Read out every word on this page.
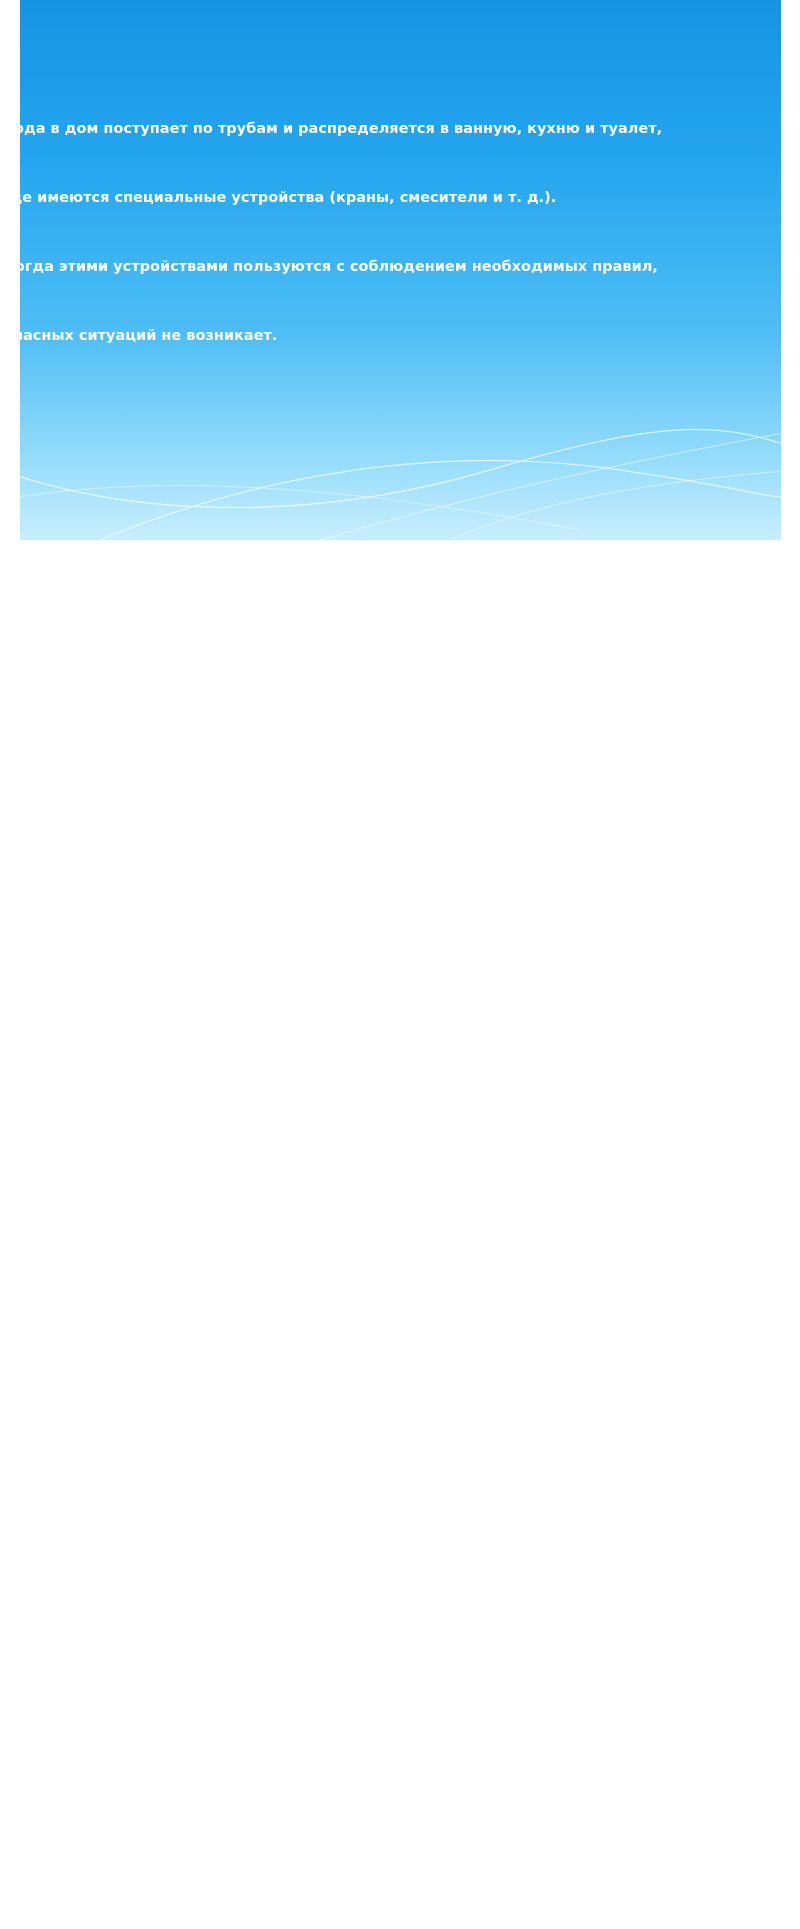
Вода в дом поступает по трубам и распределяется в ванную, кухню и туалет,

где имеются специальные устройства (краны, смесители и т. д.).

Когда этими устройствами пользуются с соблюдением необходимых правил,

опасных ситуаций не возникает.

Вот эти правила:

- Никогда не оставляйте открытым кран с льющейся водой без присмотра.

- Никогда не оставляйте кран открытым, если вода отключена. Воду могут

включить в то время, когда никого не будет дома, и она затопит помещение.

- Никогда не выбрасывайте мусор в унитаз - можно засорить канализацию и

канализационная вода со всем содержимым начнет поступать в дом.

- Не оставляйте без внимания неисправные краны, просачивание воды в

отопительной системе и в водопроводе. Обо всем замеченном расскажите

взрослым и покажите место неисправности.

Вовремя устраненная неисправность может предотвратить аварию.
